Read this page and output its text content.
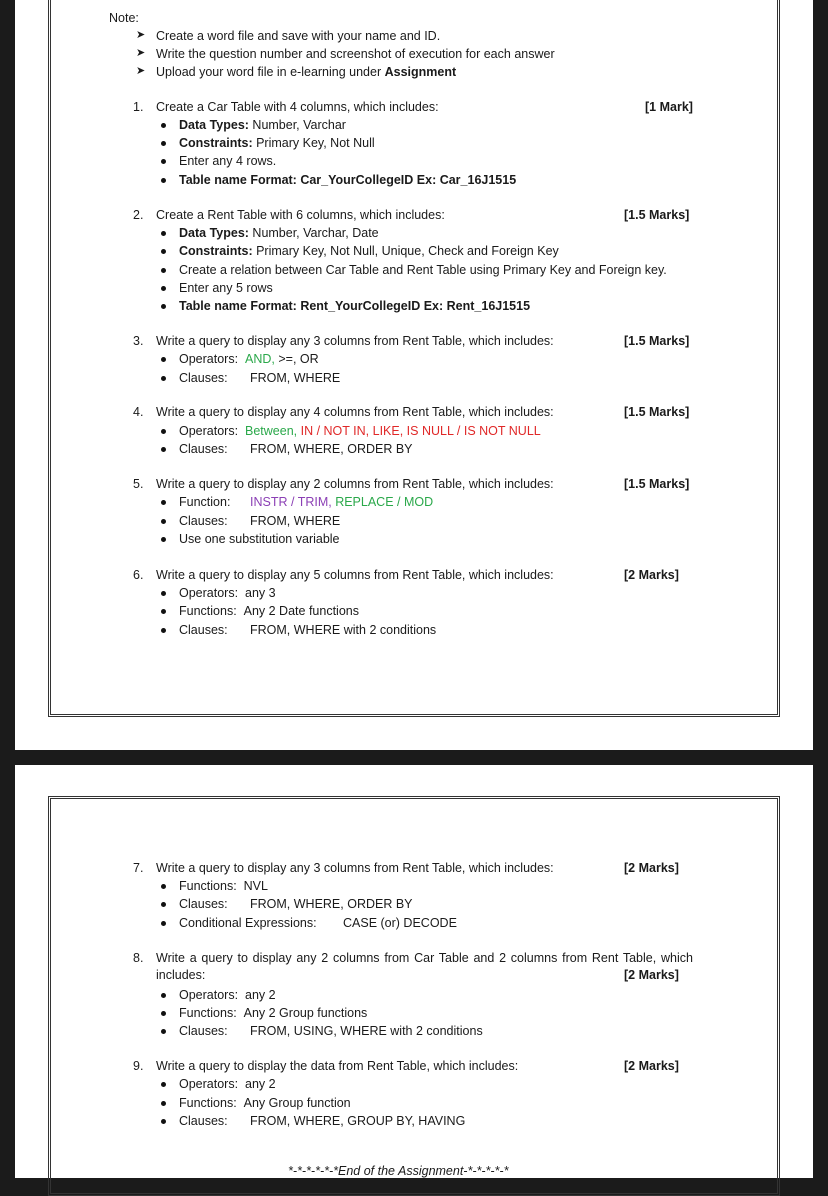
Note:
➤ Create a word file and save with your name and ID.
➤ Write the question number and screenshot of execution for each answer
➤ Upload your word file in e-learning under Assignment
1. Create a Car Table with 4 columns, which includes:	[1 Mark]
Data Types: Number, Varchar
Constraints: Primary Key, Not Null
Enter any 4 rows.
Table name Format: Car_YourCollegeID Ex: Car_16J1515
2. Create a Rent Table with 6 columns, which includes:	[1.5 Marks]
Data Types: Number, Varchar, Date
Constraints: Primary Key, Not Null, Unique, Check and Foreign Key
Create a relation between Car Table and Rent Table using Primary Key and Foreign key.
Enter any 5 rows
Table name Format: Rent_YourCollegeID Ex: Rent_16J1515
3. Write a query to display any 3 columns from Rent Table, which includes:	[1.5 Marks]
Operators: AND, >=, OR
Clauses: FROM, WHERE
4. Write a query to display any 4 columns from Rent Table, which includes:	[1.5 Marks]
Operators: Between, IN / NOT IN, LIKE, IS NULL / IS NOT NULL
Clauses: FROM, WHERE, ORDER BY
5. Write a query to display any 2 columns from Rent Table, which includes:	[1.5 Marks]
Function: INSTR / TRIM, REPLACE / MOD
Clauses: FROM, WHERE
Use one substitution variable
6. Write a query to display any 5 columns from Rent Table, which includes:	[2 Marks]
Operators: any 3
Functions: Any 2 Date functions
Clauses: FROM, WHERE with 2 conditions
7. Write a query to display any 3 columns from Rent Table, which includes:	[2 Marks]
Functions: NVL
Clauses: FROM, WHERE, ORDER BY
Conditional Expressions: CASE (or) DECODE
8. Write a query to display any 2 columns from Car Table and 2 columns from Rent Table, which
includes:	[2 Marks]
Operators: any 2
Functions: Any 2 Group functions
Clauses: FROM, USING, WHERE with 2 conditions
9. Write a query to display the data from Rent Table, which includes:	[2 Marks]
Operators: any 2
Functions: Any Group function
Clauses: FROM, WHERE, GROUP BY, HAVING
*-*-*-*-*-*End of the Assignment-*-*-*-*-*
